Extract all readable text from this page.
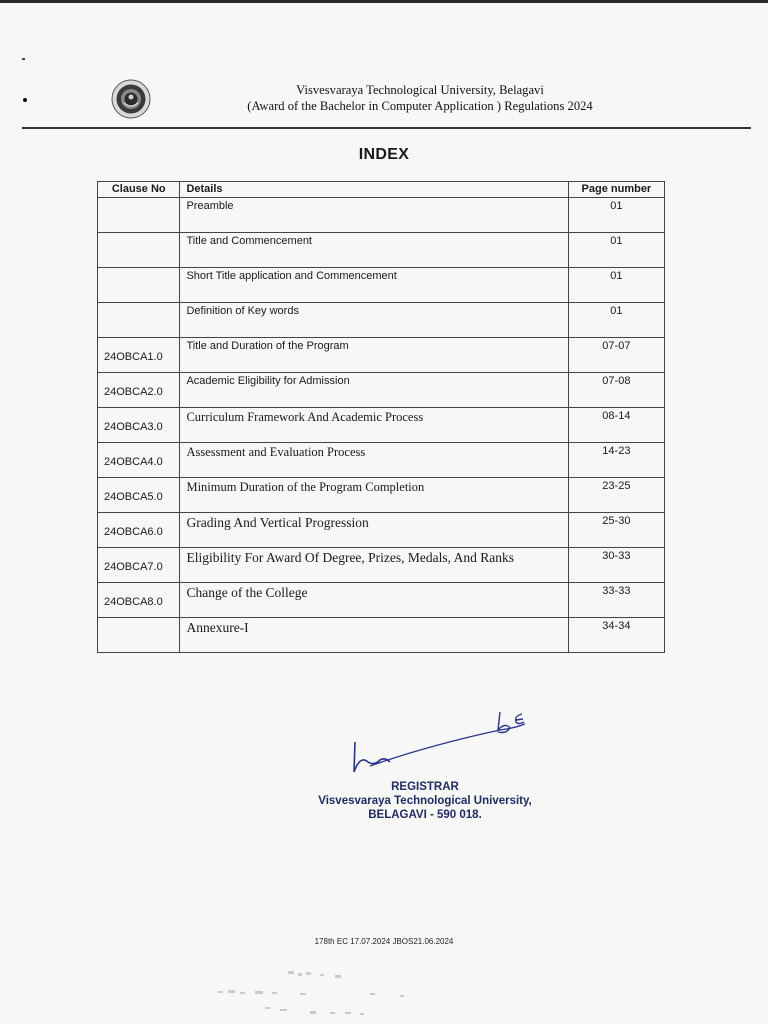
Visvesvaraya Technological University, Belagavi
(Award of the Bachelor in Computer Application ) Regulations 2024
INDEX
Clause No	Details	Page number
	Preamble	01
	Title and Commencement	01
	Short Title application and Commencement	01
	Definition of Key words	01
24OBCA1.0	Title and Duration of the Program	07-07
24OBCA2.0	Academic Eligibility for Admission	07-08
24OBCA3.0	Curriculum Framework And Academic Process	08-14
24OBCA4.0	Assessment and Evaluation Process	14-23
24OBCA5.0	Minimum Duration of the Program Completion	23-25
24OBCA6.0	Grading And Vertical Progression	25-30
24OBCA7.0	Eligibility For Award Of Degree, Prizes, Medals, And Ranks	30-33
24OBCA8.0	Change of the College	33-33
	Annexure-I	34-34
REGISTRAR
Visvesvaraya Technological University,
BELAGAVI - 590 018.
178th EC 17.07.2024 JBOS21.06.2024
